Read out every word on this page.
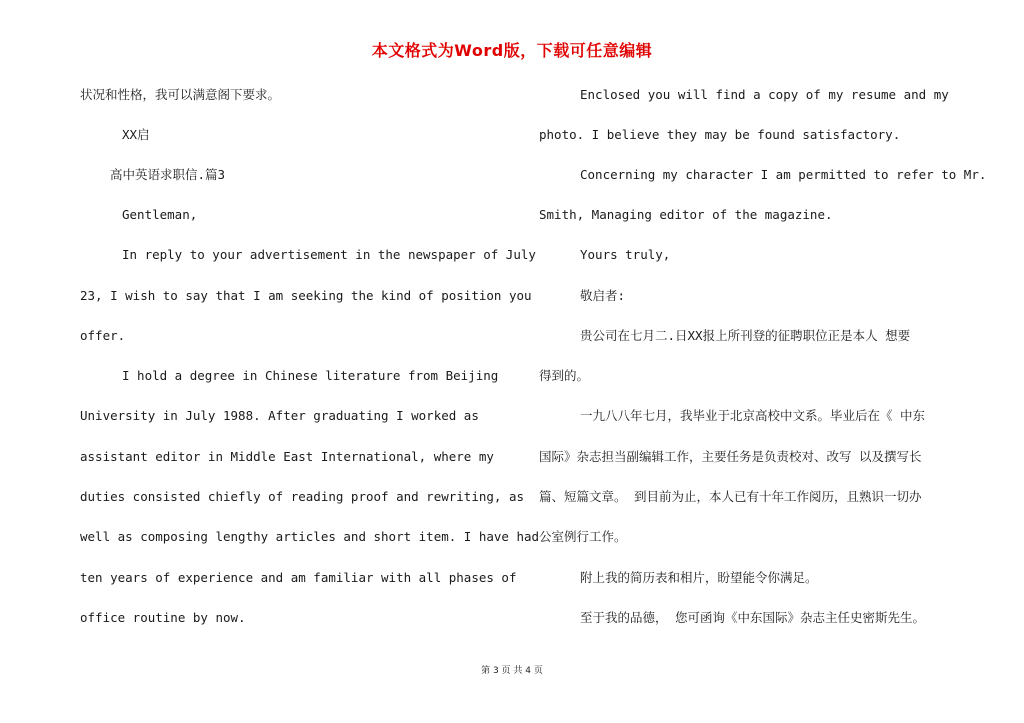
本文格式为Word版，下载可任意编辑
状况和性格，我可以满意阁下要求。
XX启
高中英语求职信.篇3
Gentleman,
In reply to your advertisement in the newspaper of July
23, I wish to say that I am seeking the kind of position you
offer.
I hold a degree in Chinese literature from Beijing
University in July 1988. After graduating I worked as
assistant editor in Middle East International, where my
duties consisted chiefly of reading proof and rewriting, as
well as composing lengthy articles and short item. I have had
ten years of experience and am familiar with all phases of
office routine by now.
Enclosed you will find a copy of my resume and my
photo. I believe they may be found satisfactory.
Concerning my character I am permitted to refer to Mr.
Smith, Managing editor of the magazine.
Yours truly,
敬启者:
贵公司在七月二.日XX报上所刊登的征聘职位正是本人 想要
得到的。
一九八八年七月，我毕业于北京高校中文系。毕业后在《 中东
国际》杂志担当副编辑工作，主要任务是负责校对、改写 以及撰写长
篇、短篇文章。 到目前为止，本人已有十年工作阅历，且熟识一切办
公室例行工作。
附上我的简历表和相片，盼望能令你满足。
至于我的品德， 您可函询《中东国际》杂志主任史密斯先生。
第 3 页 共 4 页
